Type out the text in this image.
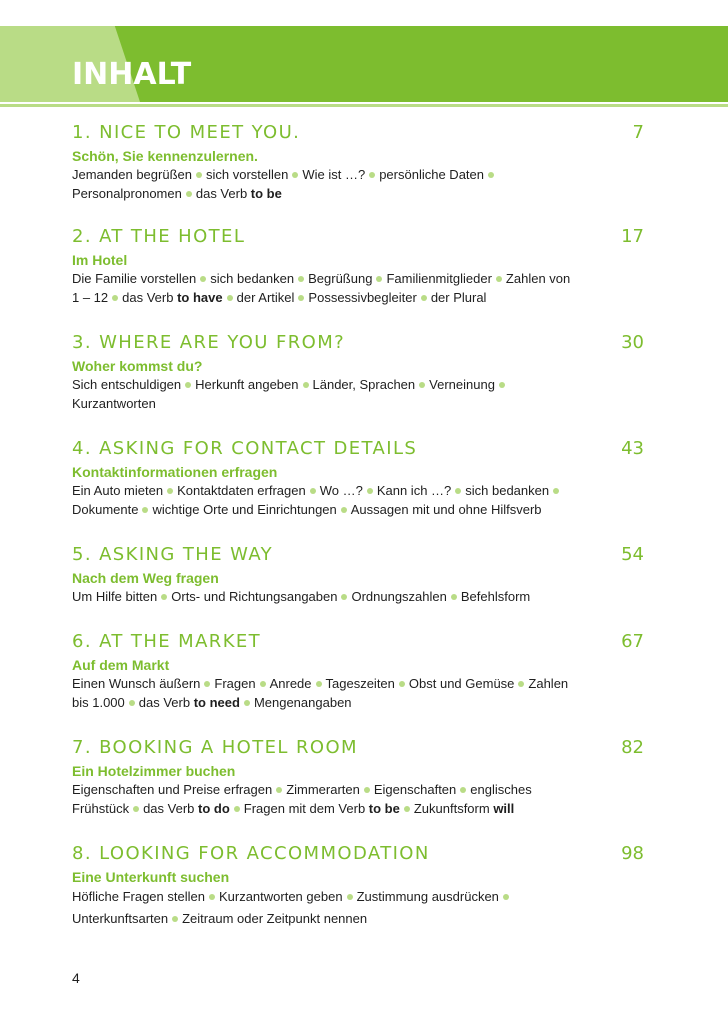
INHALT
1. NICE TO MEET YOU.	7
Schön, Sie kennenzulernen.
Jemanden begrüßen sich vorstellen Wie ist …? persönliche DatenPersonalpronomen das Verb to be
2. AT THE HOTEL	17
Im Hotel
Die Familie vorstellen sich bedanken Begrüßung Familienmitglieder Zahlen von 1 – 12 das Verb to have der Artikel Possessivbegleiter der Plural
3. WHERE ARE YOU FROM?	30
Woher kommst du?
Sich entschuldigen Herkunft angeben Länder, Sprachen VerneinungKurzantworten
4. ASKING FOR CONTACT DETAILS	43
Kontaktinformationen erfragen
Ein Auto mieten Kontaktdaten erfragen Wo …? Kann ich …? sich bedankenDokumente wichtige Orte und Einrichtungen Aussagen mit und ohne Hilfsverb
5. ASKING THE WAY	54
Nach dem Weg fragen
Um Hilfe bitten Orts- und Richtungsangaben Ordnungszahlen Befehlsform
6. AT THE MARKET	67
Auf dem Markt
Einen Wunsch äußern Fragen Anrede Tageszeiten Obst und Gemüse Zahlen bis 1.000 das Verb to need Mengenangaben
7. BOOKING A HOTEL ROOM	82
Ein Hotelzimmer buchen
Eigenschaften und Preise erfragen Zimmerarten Eigenschaften englisches Frühstück das Verb to do Fragen mit dem Verb to be Zukunftsform will
8. LOOKING FOR ACCOMMODATION	98
Eine Unterkunft suchen
Höfliche Fragen stellen Kurzantworten geben Zustimmung ausdrückenUnterkunftsarten Zeitraum oder Zeitpunkt nennen
4
